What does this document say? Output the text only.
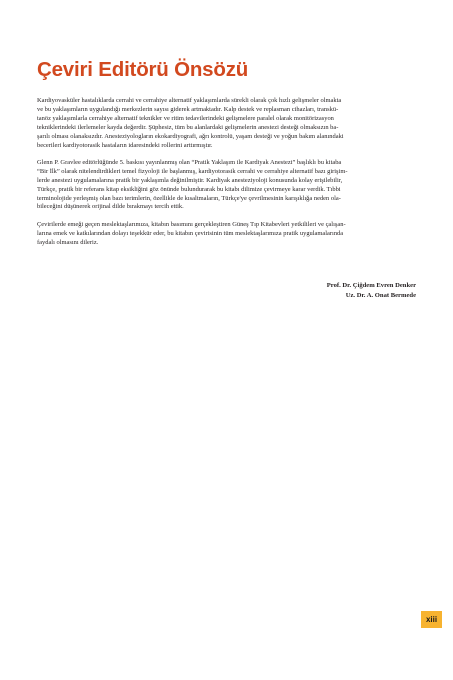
Çeviri Editörü Önsözü

Kardiyovasküler hastalıklarda cerrahi ve cerrahiye alternatif yaklaşımlarda sürekli olarak çok hızlı gelişmeler olmakta
ve bu yaklaşımların uygulandığı merkezlerin sayısı giderek artmaktadır. Kalp destek ve replasman cihazları, transkü-
tanöz yaklaşımlarla cerrahiye alternatif teknikler ve ritim tedavilerindeki gelişmelere paralel olarak monitörizasyon
tekniklerindeki ilerlemeler kayda değerdir. Şüphesiz, tüm bu alanlardaki gelişmelerin anestezi desteği olmaksızın ba-
şarılı olması olanaksızdır. Anesteziyologların ekokardiyografi, ağrı kontrolü, yaşam desteği ve yoğun bakım alanındaki
becerileri kardiyotorasik hastaların idaresindeki rollerini arttırmıştır.

Glenn P. Gravlee editörlüğünde 5. baskısı yayınlanmış olan “Pratik Yaklaşım ile Kardiyak Anestezi” başlıklı bu kitaba
“Bir İlk” olarak nitelendirdikleri temel fizyoloji ile başlanmış, kardiyotorasik cerrahi ve cerrahiye alternatif bazı girişim-
lerde anestezi uygulamalarına pratik bir yaklaşımla değinilmiştir. Kardiyak anesteziyoloji konusunda kolay erişilebilir,
Türkçe, pratik bir referans kitap eksikliğini göz önünde bulundurarak bu kitabı dilimize çevirmeye karar verdik. Tıbbi
terminolojide yerleşmiş olan bazı terimlerin, özellikle de kısaltmaların, Türkçe'ye çevrilmesinin karışıklığa neden ola-
bileceğini düşünerek orijinal dilde bırakmayı tercih ettik.

Çevirilerde emeği geçen meslektaşlarımıza, kitabın basımını gerçekleştiren Güneş Tıp Kitabevleri yetkilileri ve çalışan-
larına emek ve katkılarından dolayı teşekkür eder, bu kitabın çevirisinin tüm meslektaşlarımıza pratik uygulamalarında
faydalı olmasını dileriz.

Prof. Dr. Çiğdem Evren Denker
Uz. Dr. A. Onat Bermede
xiii
